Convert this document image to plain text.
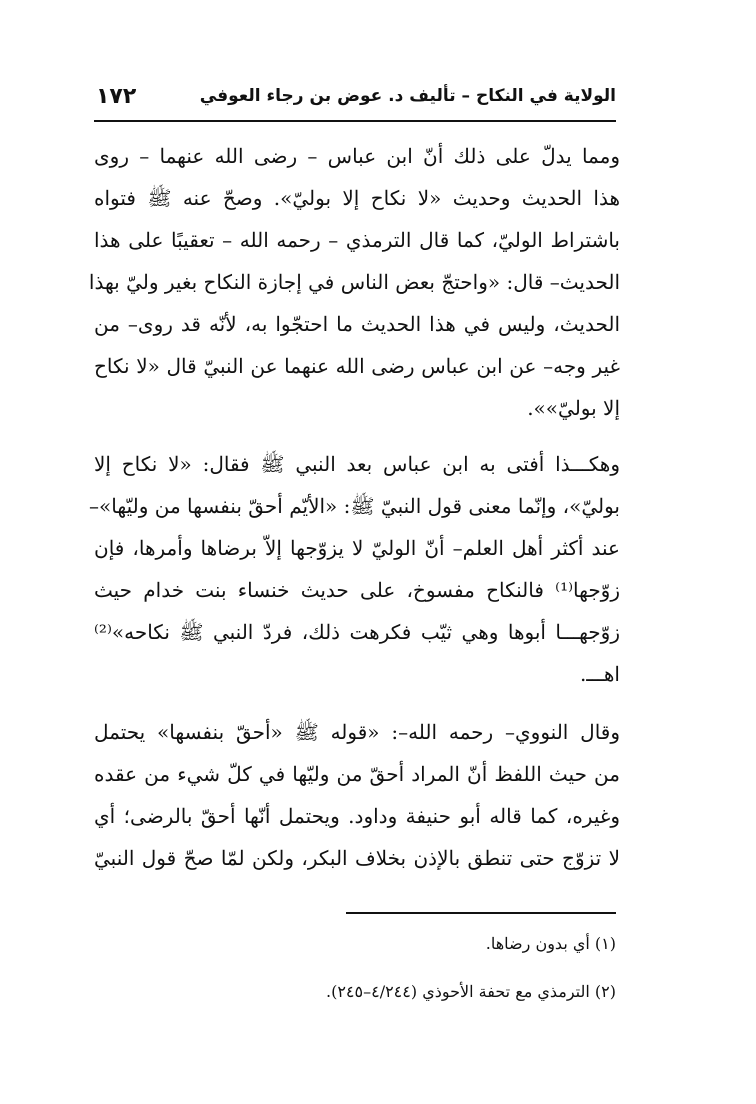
الولاية في النكاح – تأليف د. عوض بن رجاء العوفي
١٧٢
ومما يدلّ على ذلك أنّ ابن عباس – رضى الله عنهما – روى
هذا الحديث وحديث «لا نكاح إلا بوليّ». وصحّ عنه ﷺ فتواه
باشتراط الوليّ، كما قال الترمذي – رحمه الله – تعقيبًا على هذا
الحديث– قال: «واحتجّ بعض الناس في إجازة النكاح بغير وليّ بهذا
الحديث، وليس في هذا الحديث ما احتجّوا به، لأنّه قد روى– من
غير وجه– عن ابن عباس رضى الله عنهما عن النبيّ قال «لا نكاح
إلا بوليّ»».
وهكـــذا أفتى به ابن عباس بعد النبي ﷺ فقال: «لا نكاح إلا
بوليّ»، وإنّما معنى قول النبيّ ﷺ: «الأيّم أحقّ بنفسها من وليّها»–
عند أكثر أهل العلم– أنّ الوليّ لا يزوّجها إلاّ برضاها وأمرها، فإن
زوّجها⁽¹⁾ فالنكاح مفسوخ، على حديث خنساء بنت خدام حيث
زوّجهـــا أبوها وهي ثيّب فكرهت ذلك، فردّ النبي ﷺ نكاحه»⁽²⁾
اهـــ.
وقال النووي– رحمه الله–: «قوله ﷺ «أحقّ بنفسها» يحتمل
من حيث اللفظ أنّ المراد أحقّ من وليّها في كلّ شيء من عقده
وغيره، كما قاله أبو حنيفة وداود. ويحتمل أنّها أحقّ بالرضى؛ أي
لا تزوّج حتى تنطق بالإذن بخلاف البكر، ولكن لمّا صحّ قول النبيّ
(١) أي بدون رضاها.
(٢) الترمذي مع تحفة الأحوذي (٤/٢٤٤–٢٤٥).
